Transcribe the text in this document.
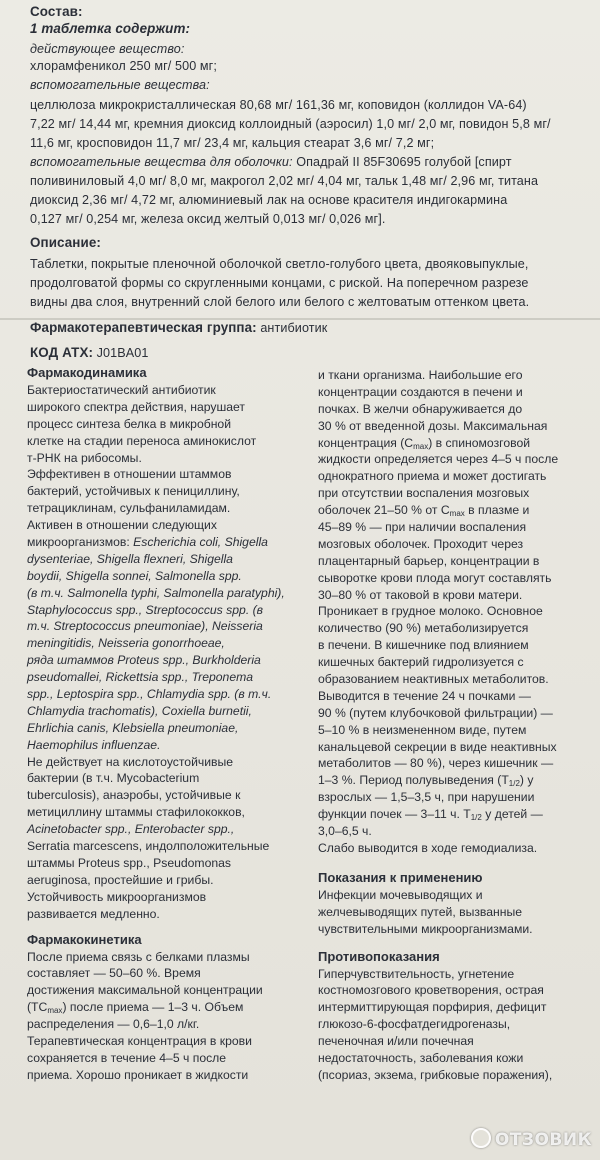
Состав:
1 таблетка содержит:
действующее вещество:
хлорамфеникол 250 мг/ 500 мг;
вспомогательные вещества:
целлюлоза микрокристаллическая 80,68 мг/ 161,36 мг, коповидон (коллидон VA-64)
7,22 мг/ 14,44 мг, кремния диоксид коллоидный (аэросил) 1,0 мг/ 2,0 мг, повидон 5,8 мг/
11,6 мг, кросповидон 11,7 мг/ 23,4 мг, кальция стеарат 3,6 мг/ 7,2 мг;
вспомогательные вещества для оболочки: Опадрай II 85F30695 голубой [спирт
поливиниловый 4,0 мг/ 8,0 мг, макрогол 2,02 мг/ 4,04 мг, тальк 1,48 мг/ 2,96 мг, титана
диоксид 2,36 мг/ 4,72 мг, алюминиевый лак на основе красителя индигокармина
0,127 мг/ 0,254 мг, железа оксид желтый 0,013 мг/ 0,026 мг].
Описание:
Таблетки, покрытые пленочной оболочкой светло-голубого цвета, двояковыпуклые,
продолговатой формы со скругленными концами, с риской. На поперечном разрезе
видны два слоя, внутренний слой белого или белого с желтоватым оттенком цвета.
Фармакотерапевтическая группа: антибиотик
КОД АТХ: J01BA01
Фармакодинамика
Бактериостатический антибиотик
широкого спектра действия, нарушает
процесс синтеза белка в микробной
клетке на стадии переноса аминокислот
т-РНК на рибосомы.
Эффективен в отношении штаммов
бактерий, устойчивых к пенициллину,
тетрациклинам, сульфаниламидам.
Активен в отношении следующих
микроорганизмов: Escherichia coli, Shigella
dysenteriae, Shigella flexneri, Shigella
boydii, Shigella sonnei, Salmonella spp.
(в т.ч. Salmonella typhi, Salmonella paratyphi),
Staphylococcus spp., Streptococcus spp. (в
т.ч. Streptococcus pneumoniae), Neisseria
meningitidis, Neisseria gonorrhoeae,
ряда штаммов Proteus spp., Burkholderia
pseudomallei, Rickettsia spp., Treponema
spp., Leptospira spp., Chlamydia spp. (в т.ч.
Chlamydia trachomatis), Coxiella burnetii,
Ehrlichia canis, Klebsiella pneumoniae,
Haemophilus influenzae.
Не действует на кислотоустойчивые
бактерии (в т.ч. Mycobacterium
tuberculosis), анаэробы, устойчивые к
метициллину штаммы стафилококков,
Acinetobacter spp., Enterobacter spp.,
Serratia marcescens, индолположительные
штаммы Proteus spp., Pseudomonas
aeruginosa, простейшие и грибы.
Устойчивость микроорганизмов
развивается медленно.
Фармакокинетика
После приема связь с белками плазмы
составляет — 50–60 %. Время
достижения максимальной концентрации
$(TC_{max})$ после приема — 1–3 ч. Объем
распределения — 0,6–1,0 л/кг.
Терапевтическая концентрация в крови
сохраняется в течение 4–5 ч после
приема. Хорошо проникает в жидкости
и ткани организма. Наибольшие его
концентрации создаются в печени и
почках. В желчи обнаруживается до
30 % от введенной дозы. Максимальная
концентрация $(C_{max})$ в спиномозговой
жидкости определяется через 4–5 ч после
однократного приема и может достигать
при отсутствии воспаления мозговых
оболочек 21–50 % от $C_{max}$ в плазме и
45–89 % — при наличии воспаления
мозговых оболочек. Проходит через
плацентарный барьер, концентрации в
сыворотке крови плода могут составлять
30–80 % от таковой в крови матери.
Проникает в грудное молоко. Основное
количество (90 %) метаболизируется
в печени. В кишечнике под влиянием
кишечных бактерий гидролизуется с
образованием неактивных метаболитов.
Выводится в течение 24 ч почками —
90 % (путем клубочковой фильтрации) —
5–10 % в неизмененном виде, путем
канальцевой секреции в виде неактивных
метаболитов — 80 %), через кишечник —
1–3 %. Период полувыведения $(T_{1/2})$ у
взрослых — 1,5–3,5 ч, при нарушении
функции почек — 3–11 ч. $T_{1/2}$ у детей —
3,0–6,5 ч.
Слабо выводится в ходе гемодиализа.
Показания к применению
Инфекции мочевыводящих и
желчевыводящих путей, вызванные
чувствительными микроорганизмами.
Противопоказания
Гиперчувствительность, угнетение
костномозгового кроветворения, острая
интермиттирующая порфирия, дефицит
глюкозо-6-фосфатдегидрогеназы,
печеночная и/или почечная
недостаточность, заболевания кожи
(псориаз, экзема, грибковые поражения),
ОТЗОВИК
